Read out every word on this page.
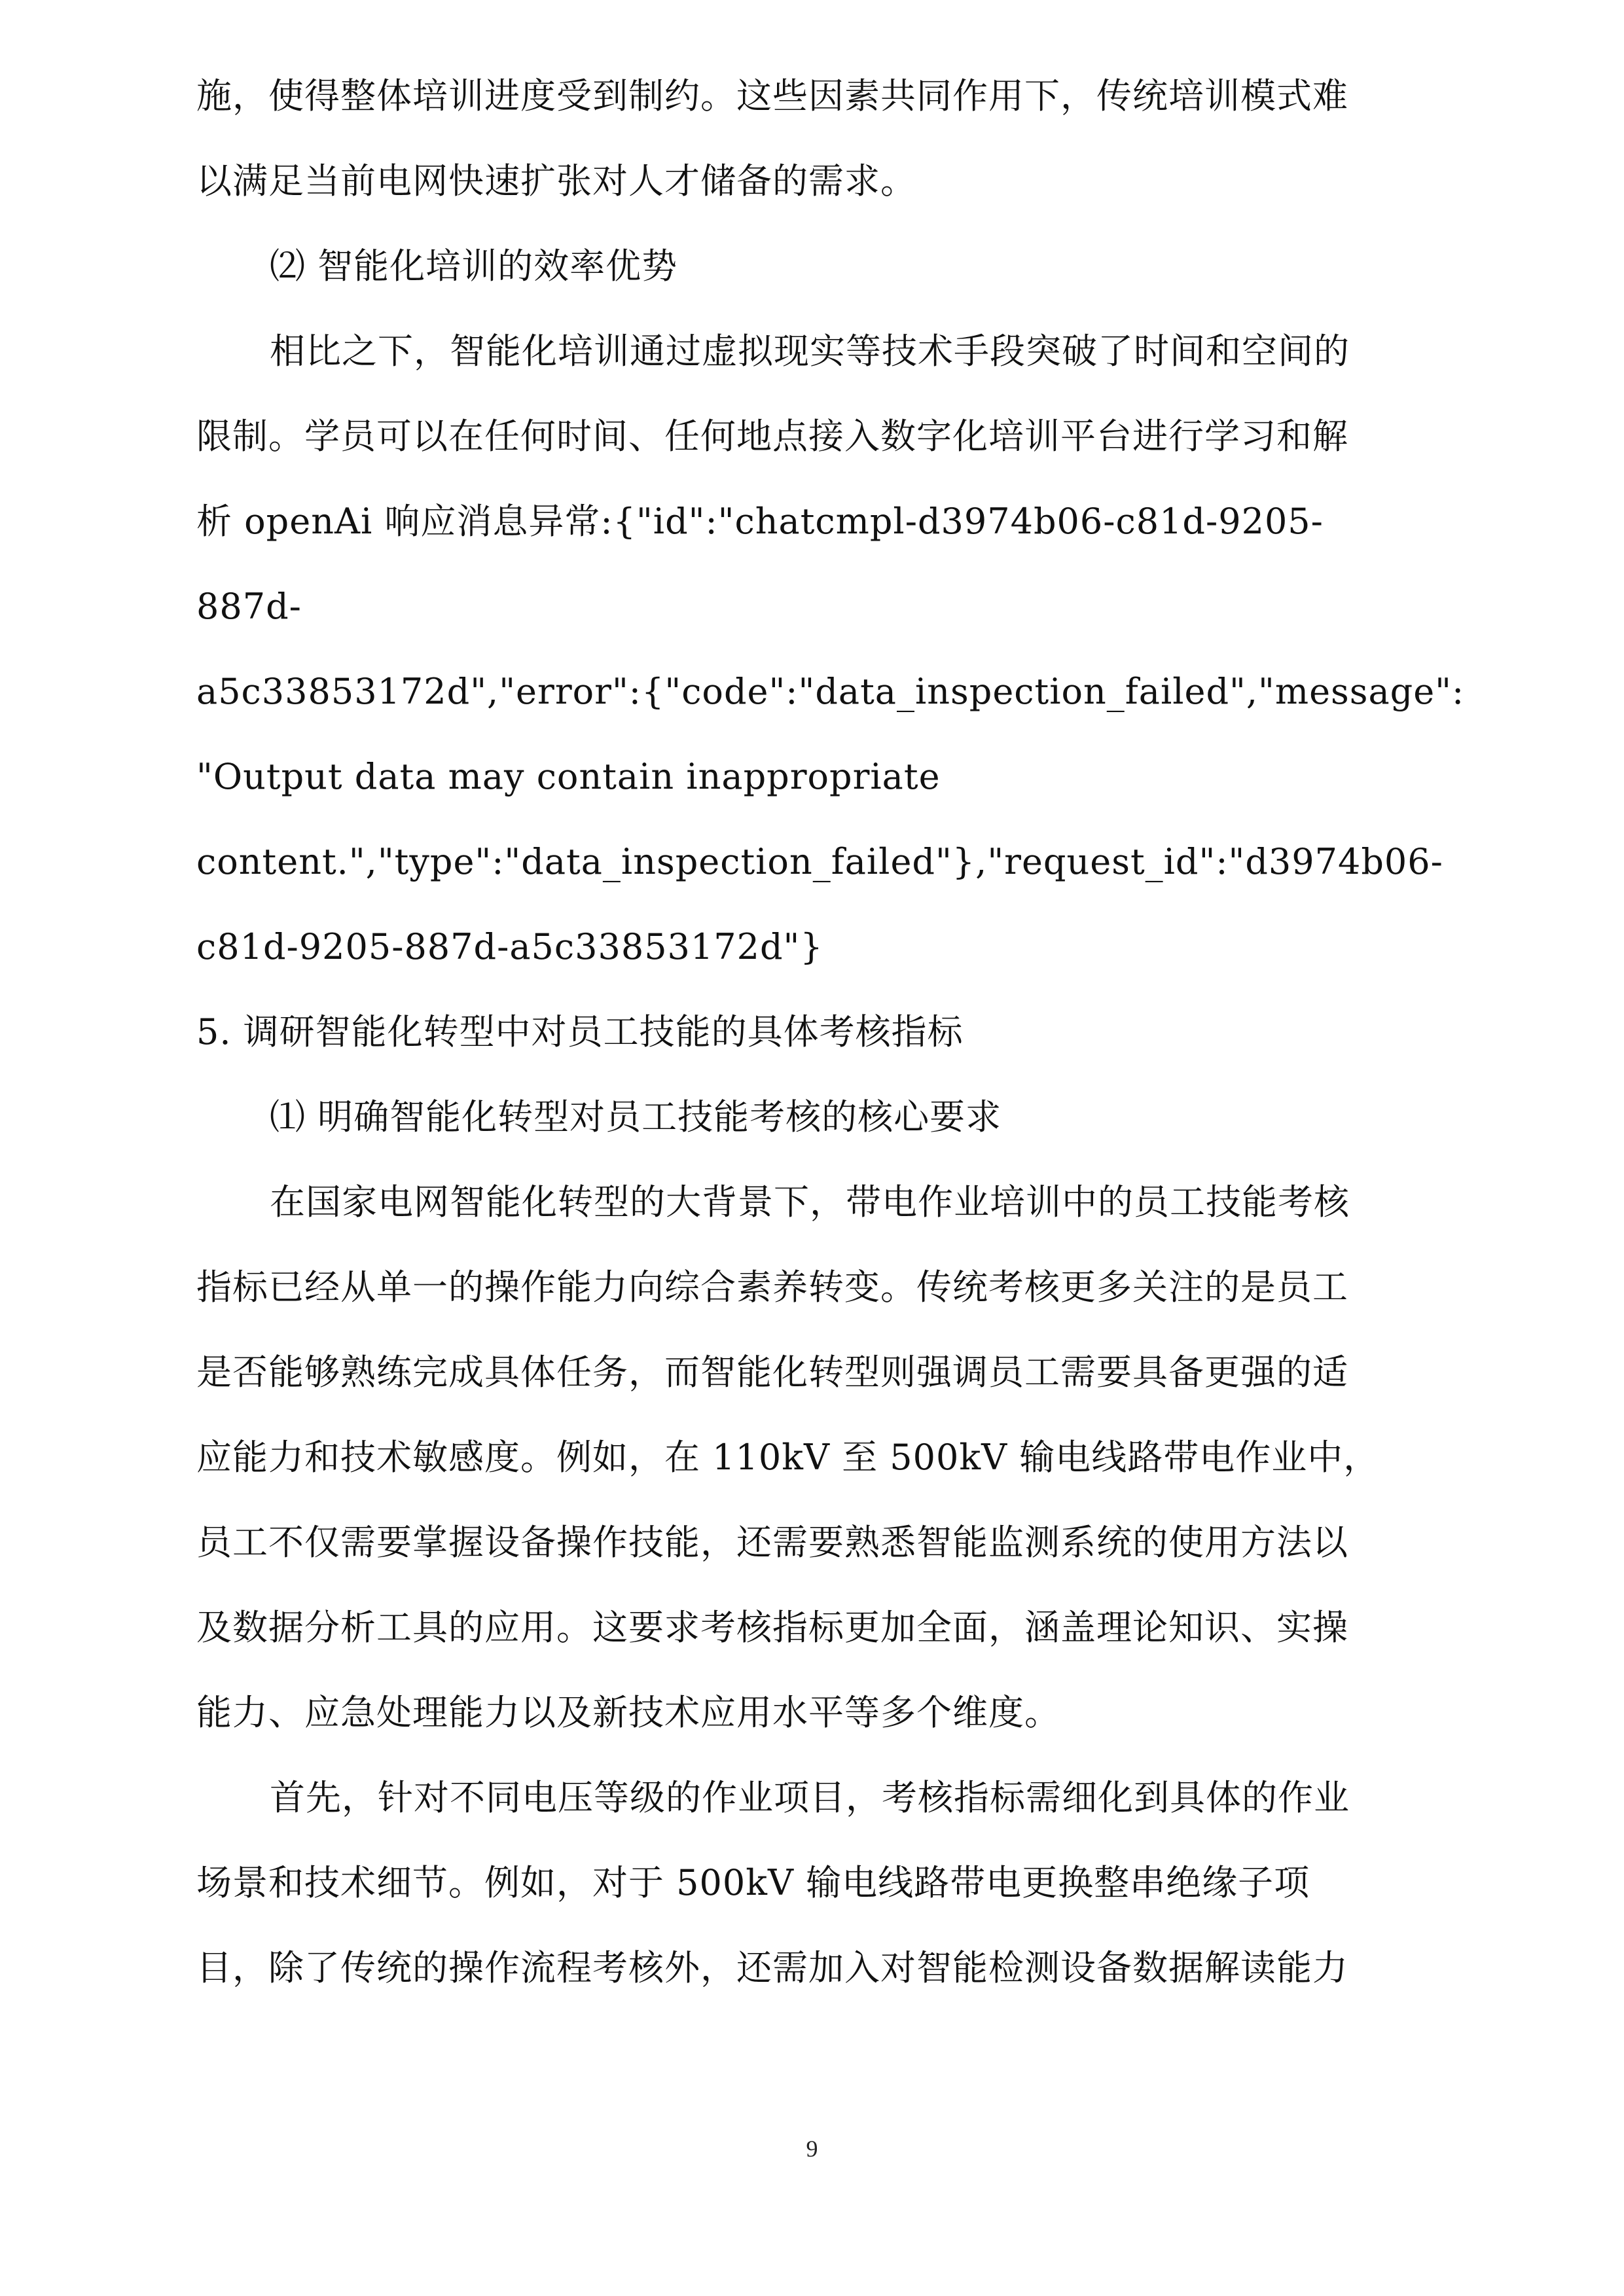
施，使得整体培训进度受到制约。这些因素共同作用下，传统培训模式难
以满足当前电网快速扩张对人才储备的需求。
⑵ 智能化培训的效率优势
相比之下，智能化培训通过虚拟现实等技术手段突破了时间和空间的
限制。学员可以在任何时间、任何地点接入数字化培训平台进行学习和解
析 openAi 响应消息异常:{"id":"chatcmpl-d3974b06-c81d-9205-
887d-
a5c33853172d","error":{"code":"data_inspection_failed","message":
"Output data may contain inappropriate
content.","type":"data_inspection_failed"},"request_id":"d3974b06-
c81d-9205-887d-a5c33853172d"}
5. 调研智能化转型中对员工技能的具体考核指标
⑴ 明确智能化转型对员工技能考核的核心要求
在国家电网智能化转型的大背景下，带电作业培训中的员工技能考核
指标已经从单一的操作能力向综合素养转变。传统考核更多关注的是员工
是否能够熟练完成具体任务，而智能化转型则强调员工需要具备更强的适
应能力和技术敏感度。例如，在 110kV 至 500kV 输电线路带电作业中，
员工不仅需要掌握设备操作技能，还需要熟悉智能监测系统的使用方法以
及数据分析工具的应用。这要求考核指标更加全面，涵盖理论知识、实操
能力、应急处理能力以及新技术应用水平等多个维度。
首先，针对不同电压等级的作业项目，考核指标需细化到具体的作业
场景和技术细节。例如，对于 500kV 输电线路带电更换整串绝缘子项
目，除了传统的操作流程考核外，还需加入对智能检测设备数据解读能力
9
